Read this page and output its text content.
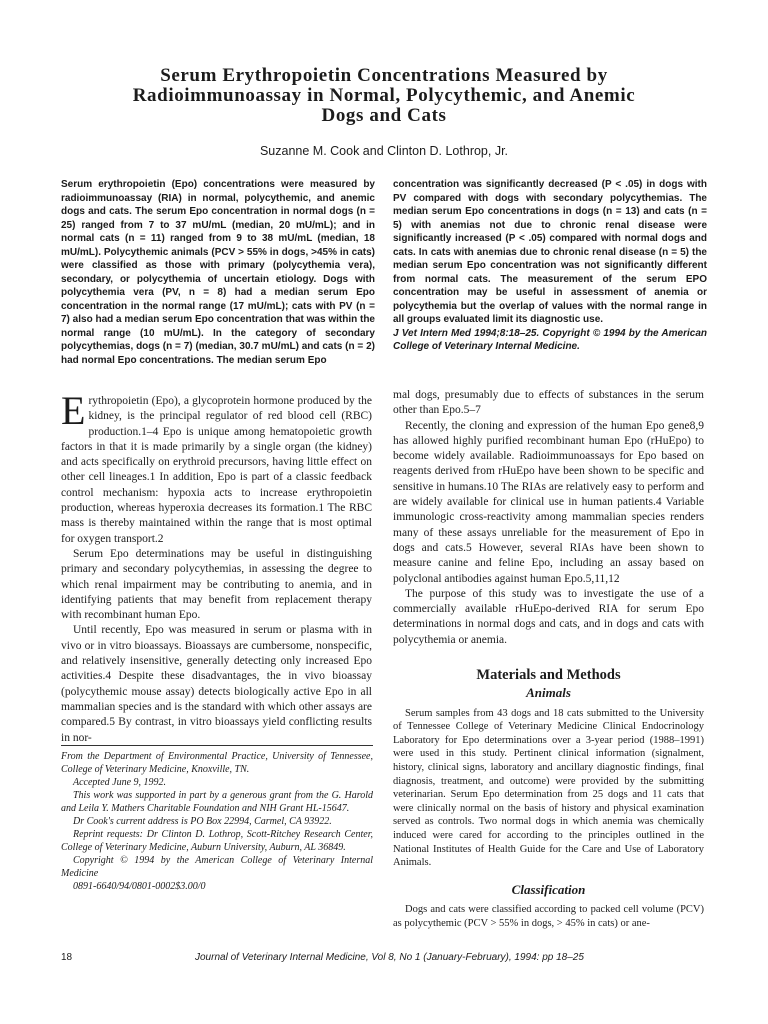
Serum Erythropoietin Concentrations Measured by
Radioimmunoassay in Normal, Polycythemic, and Anemic
Dogs and Cats
Suzanne M. Cook and Clinton D. Lothrop, Jr.
Serum erythropoietin (Epo) concentrations were measured by radioimmunoassay (RIA) in normal, polycythemic, and anemic dogs and cats. The serum Epo concentration in normal dogs (n = 25) ranged from 7 to 37 mU/mL (median, 20 mU/mL); and in normal cats (n = 11) ranged from 9 to 38 mU/mL (median, 18 mU/mL). Polycythemic animals (PCV > 55% in dogs, >45% in cats) were classified as those with primary (polycythemia vera), secondary, or polycythemia of uncertain etiology. Dogs with polycythemia vera (PV, n = 8) had a median serum Epo concentration in the normal range (17 mU/mL); cats with PV (n = 7) also had a median serum Epo concentration that was within the normal range (10 mU/mL). In the category of secondary polycythemias, dogs (n = 7) (median, 30.7 mU/mL) and cats (n = 2) had normal Epo concentrations. The median serum Epo
concentration was significantly decreased (P < .05) in dogs with PV compared with dogs with secondary polycythemias. The median serum Epo concentrations in dogs (n = 13) and cats (n = 5) with anemias not due to chronic renal disease were significantly increased (P < .05) compared with normal dogs and cats. In cats with anemias due to chronic renal disease (n = 5) the median serum Epo concentration was not significantly different from normal cats. The measurement of the serum EPO concentration may be useful in assessment of anemia or polycythemia but the overlap of values with the normal range in all groups evaluated limit its diagnostic use.
J Vet Intern Med 1994;8:18–25. Copyright © 1994 by the American College of Veterinary Internal Medicine.

Erythropoietin (Epo), a glycoprotein hormone produced by the kidney, is the principal regulator of red blood cell (RBC) production.1–4 Epo is unique among hematopoietic growth factors in that it is made primarily by a single organ (the kidney) and acts specifically on erythroid precursors, having little effect on other cell lineages.1 In addition, Epo is part of a classic feedback control mechanism: hypoxia acts to increase erythropoietin production, whereas hyperoxia decreases its formation.1 The RBC mass is thereby maintained within the range that is most optimal for oxygen transport.2

Serum Epo determinations may be useful in distinguishing primary and secondary polycythemias, in assessing the degree to which renal impairment may be contributing to anemia, and in identifying patients that may benefit from replacement therapy with recombinant human Epo.

Until recently, Epo was measured in serum or plasma with in vivo or in vitro bioassays. Bioassays are cumbersome, nonspecific, and relatively insensitive, generally detecting only increased Epo activities.4 Despite these disadvantages, the in vivo bioassay (polycythemic mouse assay) detects biologically active Epo in all mammalian species and is the standard with which other assays are compared.5 By contrast, in vitro bioassays yield conflicting results in nor-

From the Department of Environmental Practice, University of Tennessee, College of Veterinary Medicine, Knoxville, TN.
Accepted June 9, 1992.
This work was supported in part by a generous grant from the G. Harold and Leila Y. Mathers Charitable Foundation and NIH Grant HL-15647.
Dr Cook's current address is PO Box 22994, Carmel, CA 93922.
Reprint requests: Dr Clinton D. Lothrop, Scott-Ritchey Research Center, College of Veterinary Medicine, Auburn University, Auburn, AL 36849.
Copyright © 1994 by the American College of Veterinary Internal Medicine
0891-6640/94/0801-0002$3.00/0

mal dogs, presumably due to effects of substances in the serum other than Epo.5–7

Recently, the cloning and expression of the human Epo gene8,9 has allowed highly purified recombinant human Epo (rHuEpo) to become widely available. Radioimmunoassays for Epo based on reagents derived from rHuEpo have been shown to be specific and sensitive in humans.10 The RIAs are relatively easy to perform and are widely available for clinical use in human patients.4 Variable immunologic cross-reactivity among mammalian species renders many of these assays unreliable for the measurement of Epo in dogs and cats.5 However, several RIAs have been shown to measure canine and feline Epo, including an assay based on polyclonal antibodies against human Epo.5,11,12

The purpose of this study was to investigate the use of a commercially available rHuEpo-derived RIA for serum Epo determinations in normal dogs and cats, and in dogs and cats with polycythemia or anemia.

Materials and Methods
Animals

Serum samples from 43 dogs and 18 cats submitted to the University of Tennessee College of Veterinary Medicine Clinical Endocrinology Laboratory for Epo determinations over a 3-year period (1988–1991) were used in this study. Pertinent clinical information (signalment, history, clinical signs, laboratory and ancillary diagnostic findings, final diagnosis, treatment, and outcome) were provided by the submitting veterinarian. Serum Epo determination from 25 dogs and 11 cats that were clinically normal on the basis of history and physical examination served as controls. Two normal dogs in which anemia was chemically induced were cared for according to the principles outlined in the National Institutes of Health Guide for the Care and Use of Laboratory Animals.

Classification

Dogs and cats were classified according to packed cell volume (PCV) as polycythemic (PCV > 55% in dogs, > 45% in cats) or ane-

18	Journal of Veterinary Internal Medicine, Vol 8, No 1 (January-February), 1994: pp 18–25
